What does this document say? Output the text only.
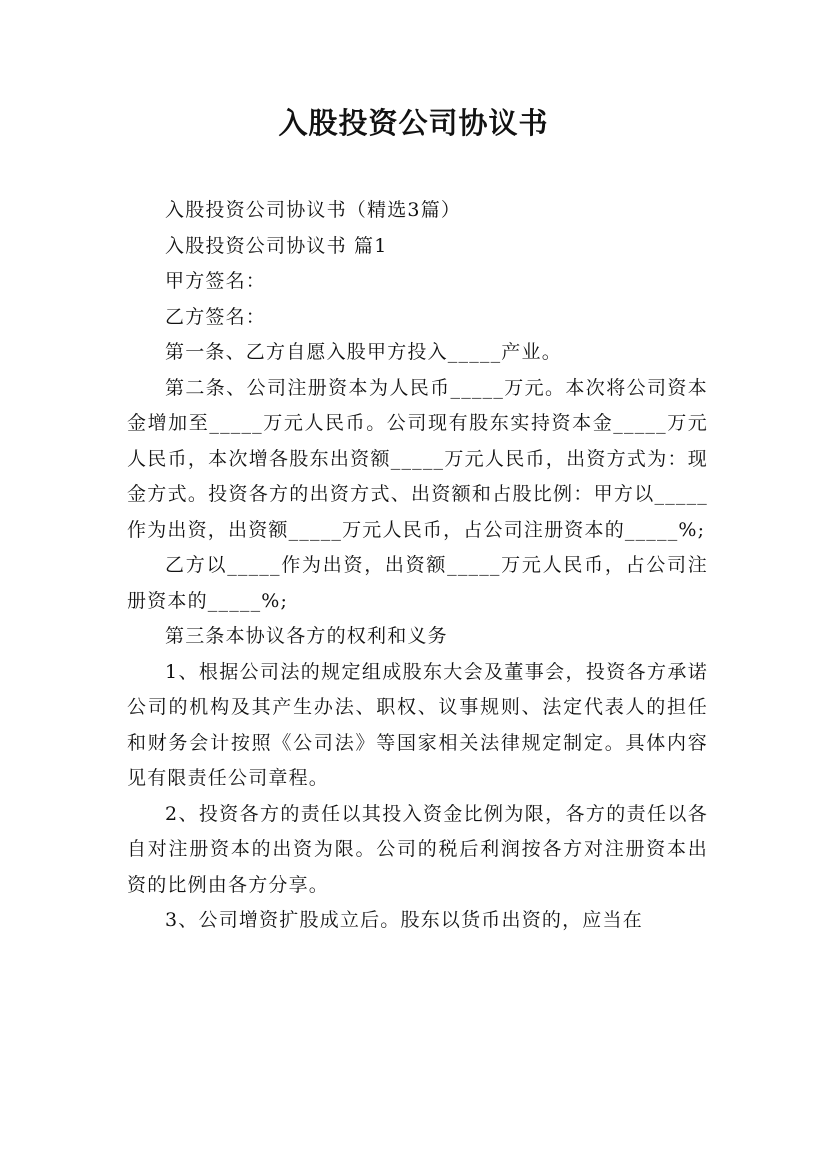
入股投资公司协议书

入股投资公司协议书（精选3篇）

入股投资公司协议书 篇1

甲方签名：

乙方签名：

第一条、乙方自愿入股甲方投入_____产业。

第二条、公司注册资本为人民币_____万元。本次将公司资本金增加至_____万元人民币。公司现有股东实持资本金_____万元人民币，本次增各股东出资额_____万元人民币，出资方式为：现金方式。投资各方的出资方式、出资额和占股比例：甲方以_____作为出资，出资额_____万元人民币，占公司注册资本的_____%;

乙方以_____作为出资，出资额_____万元人民币，占公司注册资本的_____%;

第三条本协议各方的权利和义务

1、根据公司法的规定组成股东大会及董事会，投资各方承诺公司的机构及其产生办法、职权、议事规则、法定代表人的担任和财务会计按照《公司法》等国家相关法律规定制定。具体内容见有限责任公司章程。

2、投资各方的责任以其投入资金比例为限，各方的责任以各自对注册资本的出资为限。公司的税后利润按各方对注册资本出资的比例由各方分享。

3、公司增资扩股成立后。股东以货币出资的，应当在
